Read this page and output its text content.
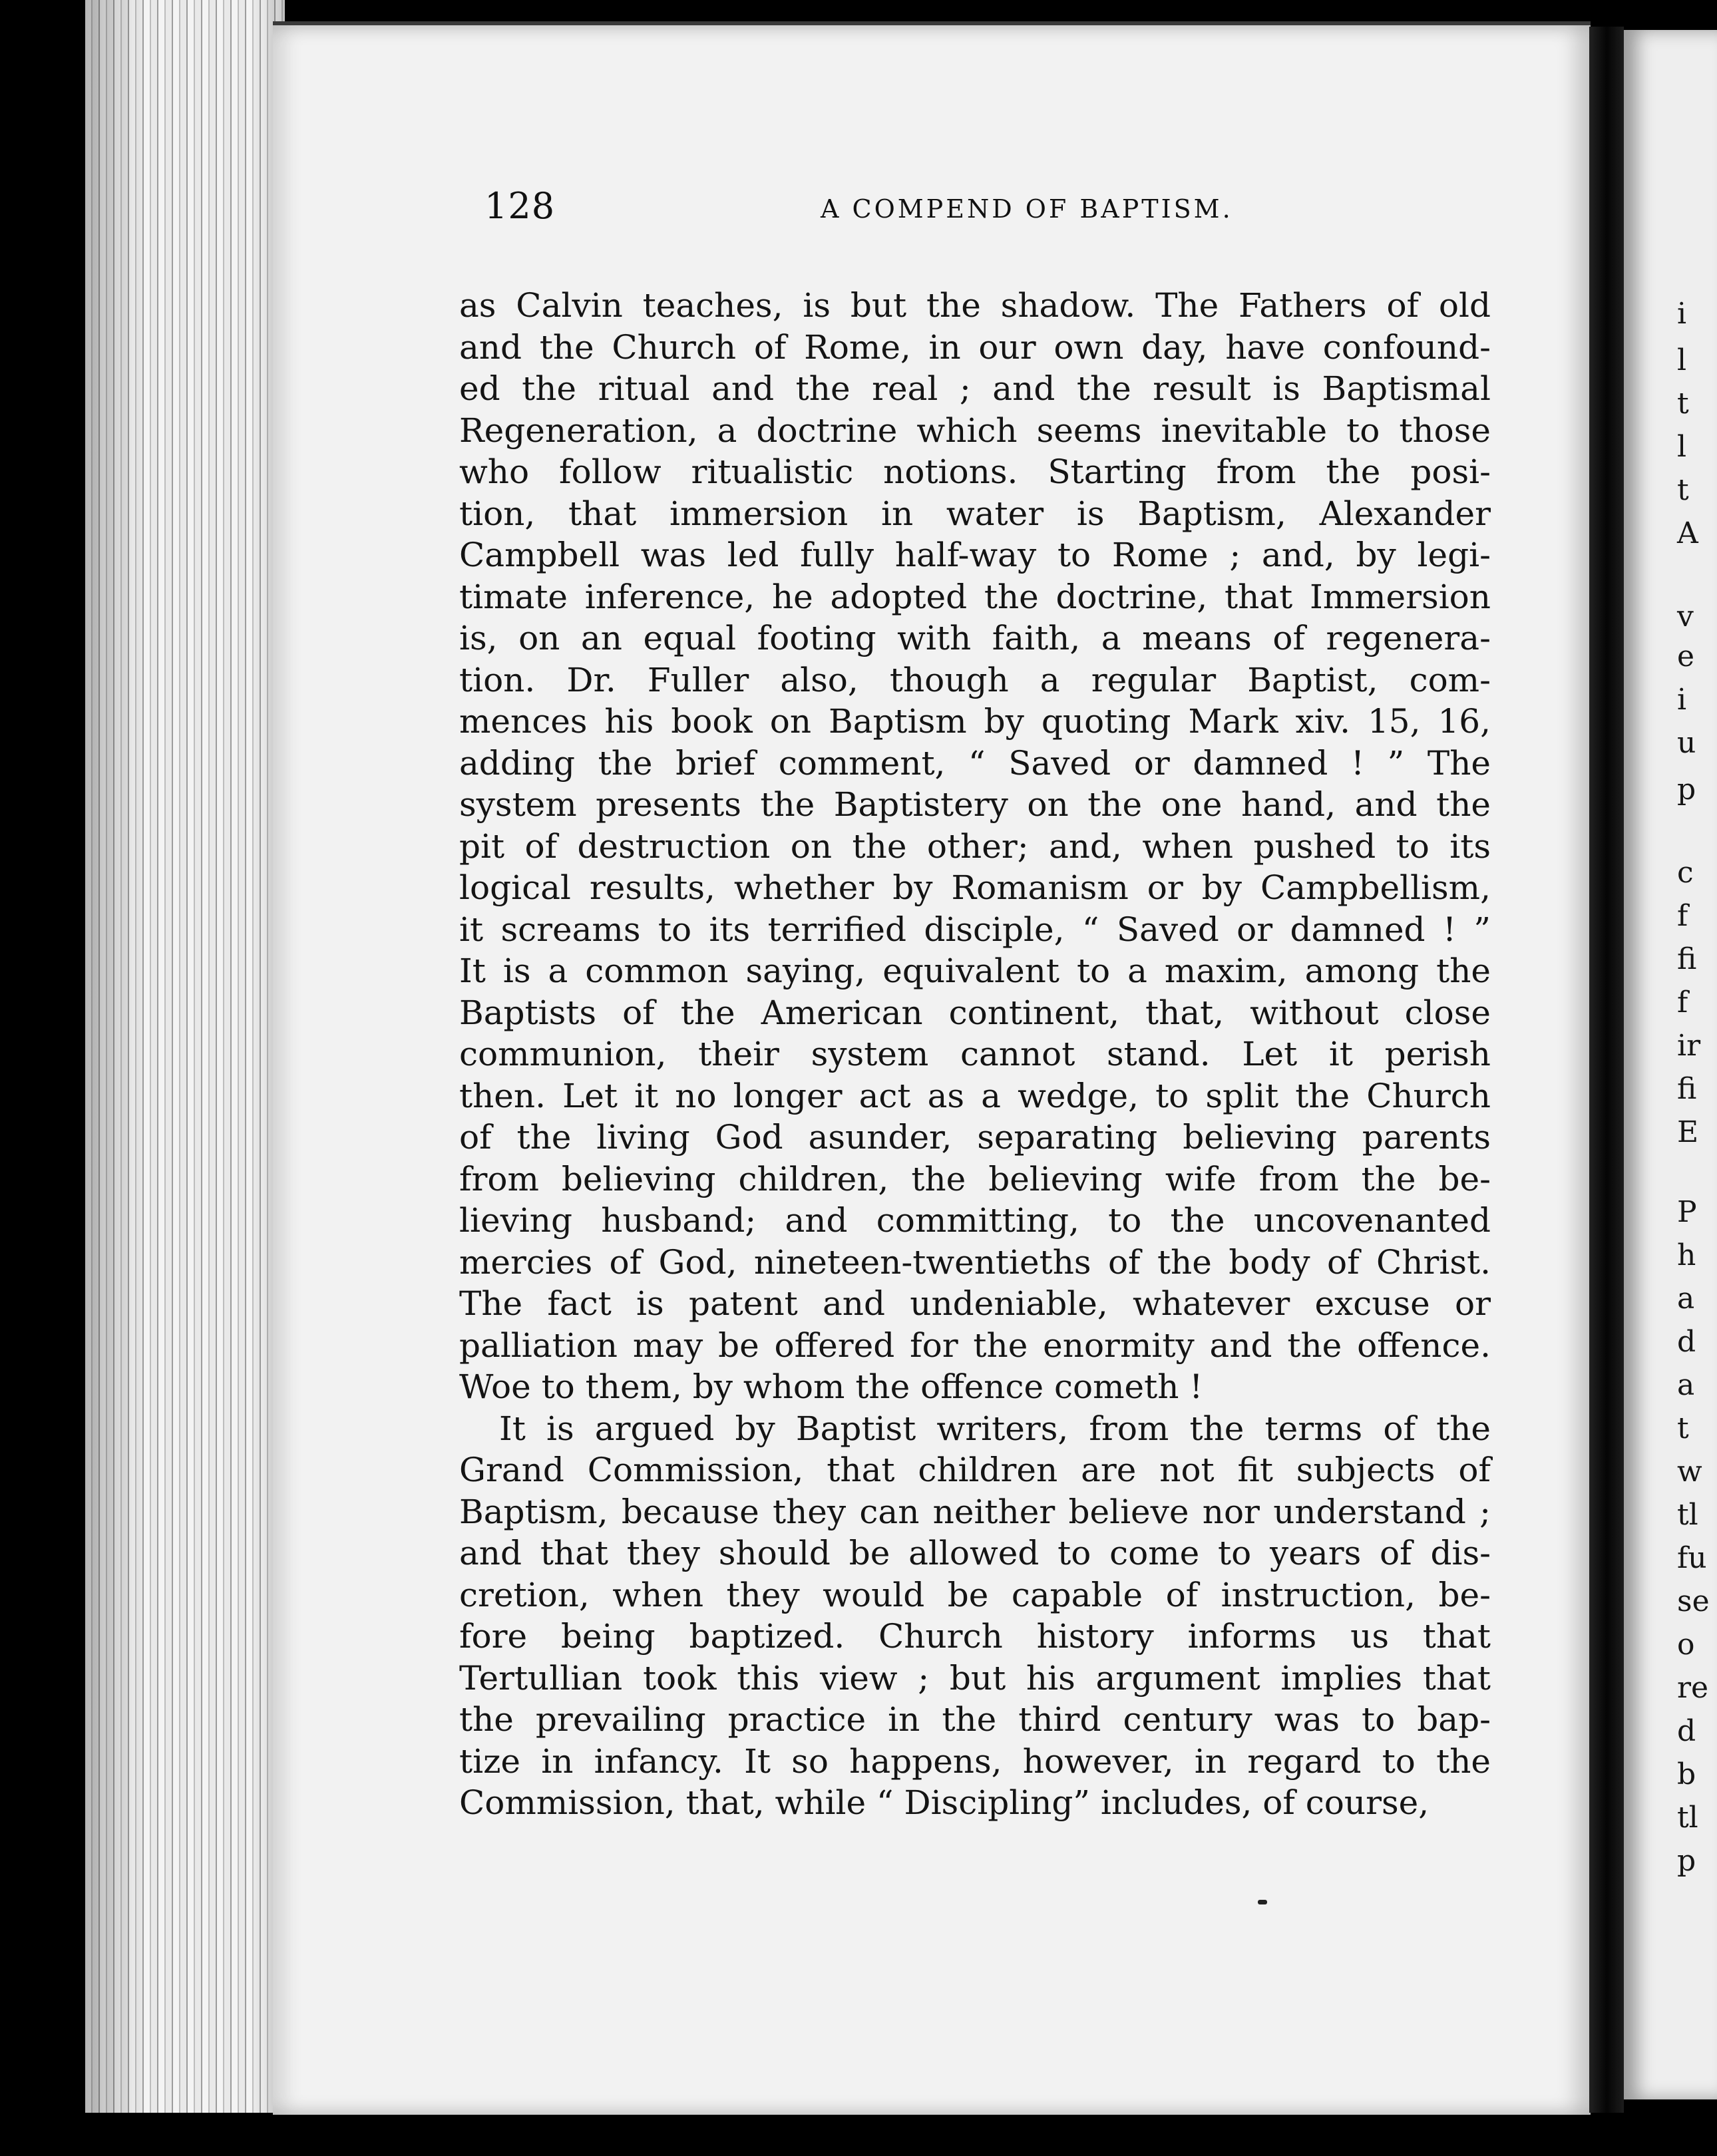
128	A COMPEND OF BAPTISM.
as Calvin teaches, is but the shadow. The Fathers of old
and the Church of Rome, in our own day, have confound-
ed the ritual and the real ; and the result is Baptismal
Regeneration, a doctrine which seems inevitable to those
who follow ritualistic notions. Starting from the posi-
tion, that immersion in water is Baptism, Alexander
Campbell was led fully half-way to Rome ; and, by legi-
timate inference, he adopted the doctrine, that Immersion
is, on an equal footing with faith, a means of regenera-
tion. Dr. Fuller also, though a regular Baptist, com-
mences his book on Baptism by quoting Mark xiv. 15, 16,
adding the brief comment, “ Saved or damned ! ” The
system presents the Baptistery on the one hand, and the
pit of destruction on the other; and, when pushed to its
logical results, whether by Romanism or by Campbellism,
it screams to its terrified disciple, “ Saved or damned ! ”
It is a common saying, equivalent to a maxim, among the
Baptists of the American continent, that, without close
communion, their system cannot stand. Let it perish
then. Let it no longer act as a wedge, to split the Church
of the living God asunder, separating believing parents
from believing children, the believing wife from the be-
lieving husband; and committing, to the uncovenanted
mercies of God, nineteen-twentieths of the body of Christ.
The fact is patent and undeniable, whatever excuse or
palliation may be offered for the enormity and the offence.
Woe to them, by whom the offence cometh !
It is argued by Baptist writers, from the terms of the
Grand Commission, that children are not fit subjects of
Baptism, because they can neither believe nor understand ;
and that they should be allowed to come to years of dis-
cretion, when they would be capable of instruction, be-
fore being baptized. Church history informs us that
Tertullian took this view ; but his argument implies that
the prevailing practice in the third century was to bap-
tize in infancy. It so happens, however, in regard to the
Commission, that, while “ Discipling” includes, of course,
i
l
t
l
t
A
v
e
i
u
p
c
f
fi
f
ir
fi
E
P
h
a
d
a
t
w
tl
fu
se
o
re
d
b
tl
p
